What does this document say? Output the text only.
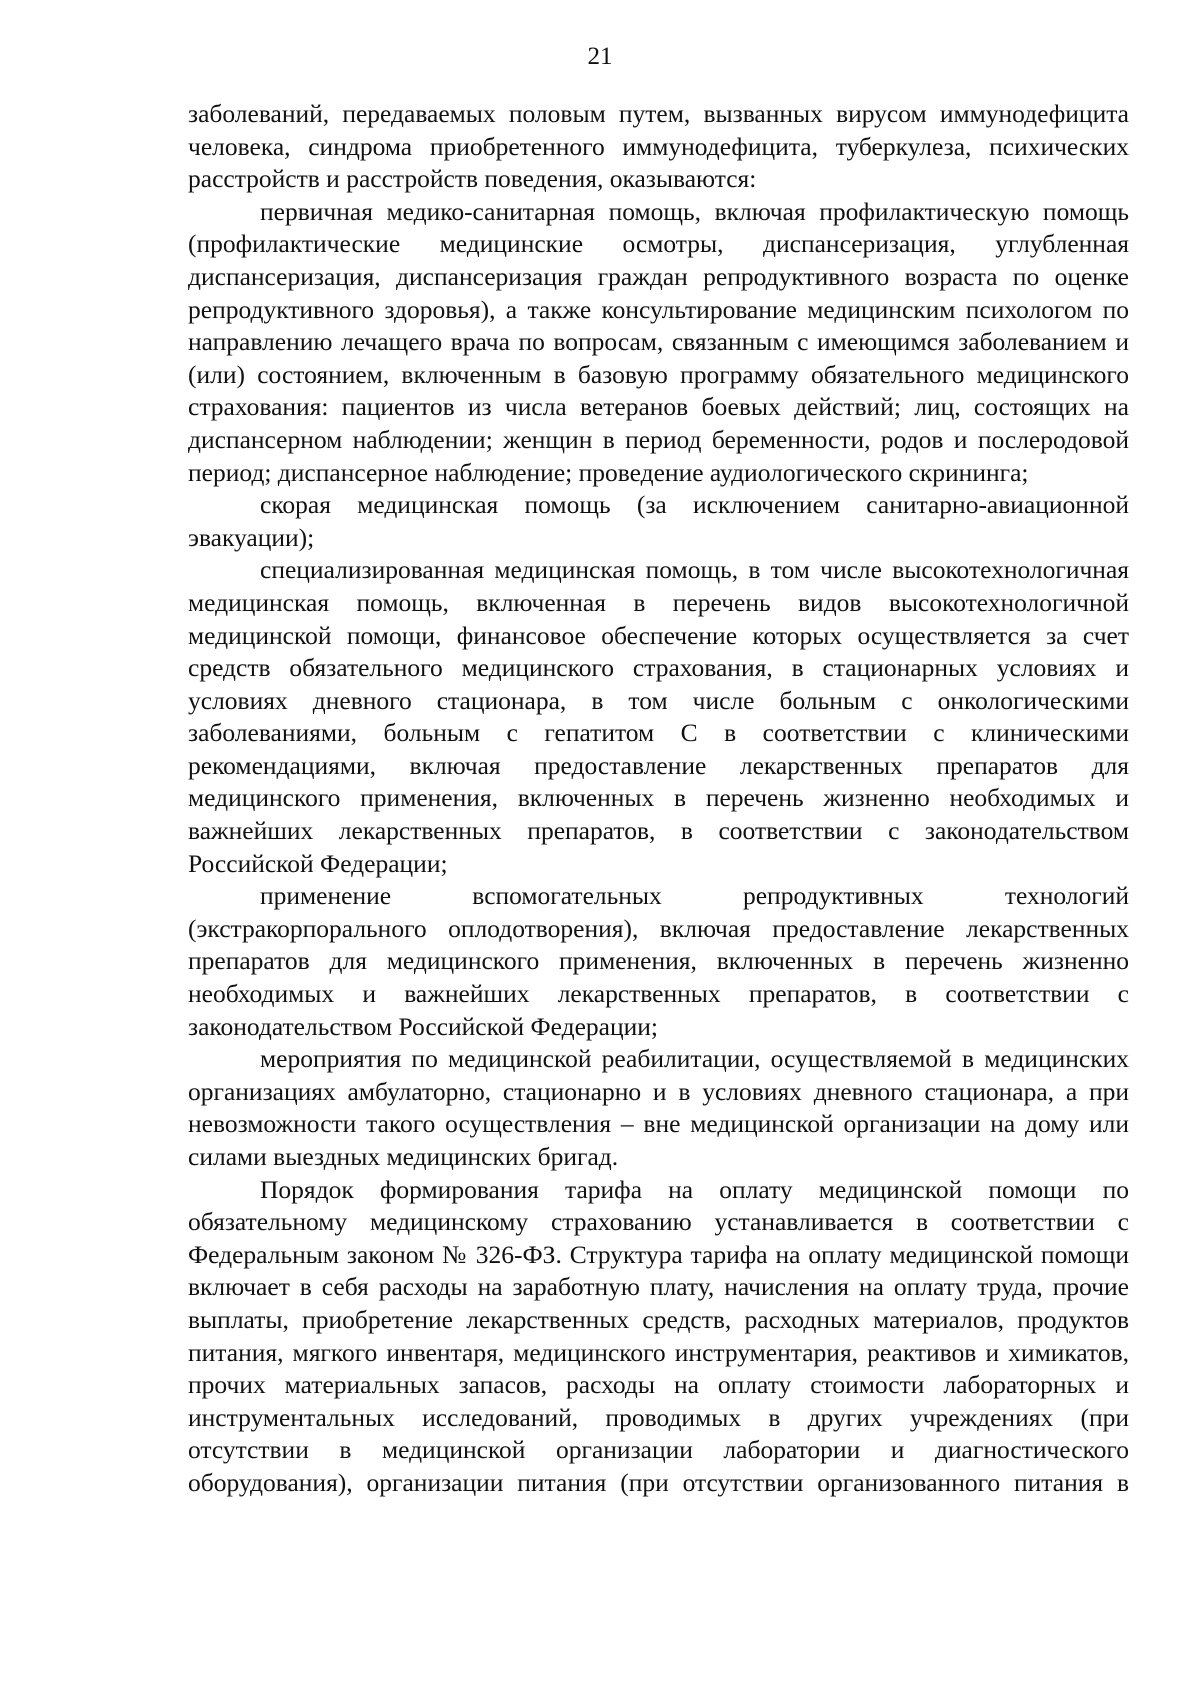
21

заболеваний, передаваемых половым путем, вызванных вирусом иммунодефицита человека, синдрома приобретенного иммунодефицита, туберкулеза, психических расстройств и расстройств поведения, оказываются:

первичная медико-санитарная помощь, включая профилактическую помощь (профилактические медицинские осмотры, диспансеризация, углубленная диспансеризация, диспансеризация граждан репродуктивного возраста по оценке репродуктивного здоровья), а также консультирование медицинским психологом по направлению лечащего врача по вопросам, связанным с имеющимся заболеванием и (или) состоянием, включенным в базовую программу обязательного медицинского страхования: пациентов из числа ветеранов боевых действий; лиц, состоящих на диспансерном наблюдении; женщин в период беременности, родов и послеродовой период; диспансерное наблюдение; проведение аудиологического скрининга;

скорая медицинская помощь (за исключением санитарно-авиационной эвакуации);

специализированная медицинская помощь, в том числе высокотехнологичная медицинская помощь, включенная в перечень видов высокотехнологичной медицинской помощи, финансовое обеспечение которых осуществляется за счет средств обязательного медицинского страхования, в стационарных условиях и условиях дневного стационара, в том числе больным с онкологическими заболеваниями, больным с гепатитом С в соответствии с клиническими рекомендациями, включая предоставление лекарственных препаратов для медицинского применения, включенных в перечень жизненно необходимых и важнейших лекарственных препаратов, в соответствии с законодательством Российской Федерации;

применение вспомогательных репродуктивных технологий (экстракорпорального оплодотворения), включая предоставление лекарственных препаратов для медицинского применения, включенных в перечень жизненно необходимых и важнейших лекарственных препаратов, в соответствии с законодательством Российской Федерации;

мероприятия по медицинской реабилитации, осуществляемой в медицинских организациях амбулаторно, стационарно и в условиях дневного стационара, а при невозможности такого осуществления – вне медицинской организации на дому или силами выездных медицинских бригад.

Порядок формирования тарифа на оплату медицинской помощи по обязательному медицинскому страхованию устанавливается в соответствии с Федеральным законом № 326-ФЗ. Структура тарифа на оплату медицинской помощи включает в себя расходы на заработную плату, начисления на оплату труда, прочие выплаты, приобретение лекарственных средств, расходных материалов, продуктов питания, мягкого инвентаря, медицинского инструментария, реактивов и химикатов, прочих материальных запасов, расходы на оплату стоимости лабораторных и инструментальных исследований, проводимых в других учреждениях (при отсутствии в медицинской организации лаборатории и диагностического оборудования), организации питания (при отсутствии организованного питания в
